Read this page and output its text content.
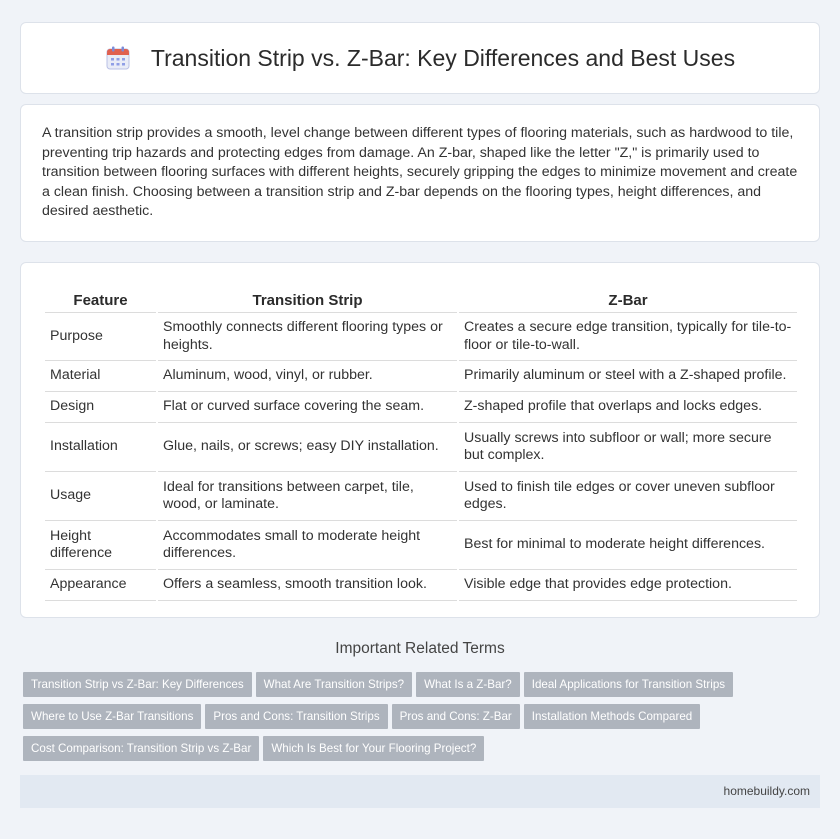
Transition Strip vs. Z-Bar: Key Differences and Best Uses

A transition strip provides a smooth, level change between different types of flooring materials, such as hardwood to tile, preventing trip hazards and protecting edges from damage. An Z-bar, shaped like the letter "Z," is primarily used to transition between flooring surfaces with different heights, securely gripping the edges to minimize movement and create a clean finish. Choosing between a transition strip and Z-bar depends on the flooring types, height differences, and desired aesthetic.

Feature	Transition Strip	Z-Bar
Purpose	Smoothly connects different flooring types or heights.	Creates a secure edge transition, typically for tile-to-floor or tile-to-wall.
Material	Aluminum, wood, vinyl, or rubber.	Primarily aluminum or steel with a Z-shaped profile.
Design	Flat or curved surface covering the seam.	Z-shaped profile that overlaps and locks edges.
Installation	Glue, nails, or screws; easy DIY installation.	Usually screws into subfloor or wall; more secure but complex.
Usage	Ideal for transitions between carpet, tile, wood, or laminate.	Used to finish tile edges or cover uneven subfloor edges.
Height difference	Accommodates small to moderate height differences.	Best for minimal to moderate height differences.
Appearance	Offers a seamless, smooth transition look.	Visible edge that provides edge protection.
Important Related Terms
Transition Strip vs Z-Bar: Key Differences What Are Transition Strips? What Is a Z-Bar? Ideal Applications for Transition Strips
Where to Use Z-Bar Transitions Pros and Cons: Transition Strips Pros and Cons: Z-Bar Installation Methods Compared
Cost Comparison: Transition Strip vs Z-Bar Which Is Best for Your Flooring Project?
homebuildy.com
